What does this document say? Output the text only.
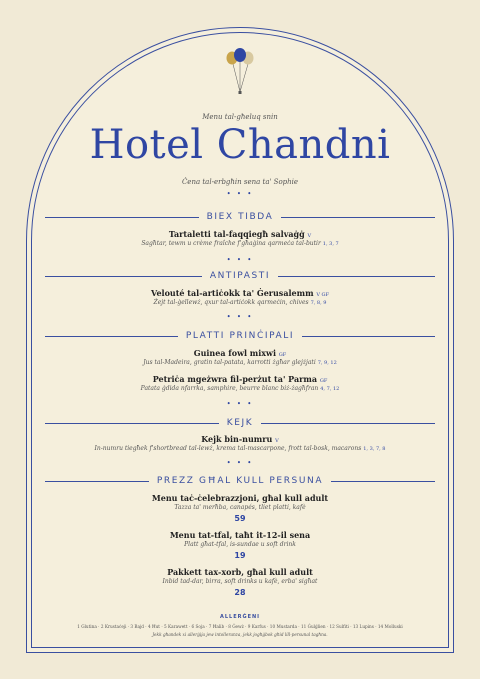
Menu tal-għeluq snin
Hotel Chandni
Ċena tal-erbgħin sena ta' Sophie
• • •
BIEX TIBDA
Tartaletti tal-faqqiegħ salvaġġ V
Sagħtar, tewm u crème fraîche f'għaġina qarmeċa tal-butir 1, 3, 7
• • •
ANTIPASTI
Velouté tal-artiċokk ta' Ġerusalemm V GF
Żejt tal-ġellewż, qxur tal-artiċokk qarmeċin, chives 7, 8, 9
• • •
PLATTI PRINĊIPALI
Guinea fowl mixwi GF
Jus tal-Madeira, gratin tal-patata, karrotti żgħar glejżjati 7, 9, 12
Petriċa mgeżwra fil-perżut ta' Parma GF
Patata ġdida nfarrka, samphire, beurre blanc biż-żagħfran 4, 7, 12
• • •
KEJK
Kejk bin-numru V
In-numru tiegħek f'shortbread tal-lewż, krema tal-mascarpone, frott tal-bosk, macarons 1, 3, 7, 8
• • •
PREZZ GĦAL KULL PERSUNA
Menu taċ-ċelebrazzjoni, għal kull adult
Tazza ta' merħba, canapés, tliet platti, kafè
59
Menu tat-tfal, taħt it-12-il sena
Platt għat-tfal, is-sundae u soft drink
19
Pakkett tax-xorb, għal kull adult
Inbid tad-dar, birra, soft drinks u kafè, erba' sigħat
28
ALLERĠENI
1 Glutina · 2 Krustaċeji · 3 Bajd · 4 Ħut · 5 Karawett · 6 Soja · 7 Ħalib · 8 Ġewż · 9 Karfus · 10 Mustarda · 11 Ġulġlien · 12 Sulfiti · 13 Lupins · 14 Molluski
Jekk għandek xi allerġija jew intolleranza, jekk jogħġbok għid lill-persunal tagħna.
